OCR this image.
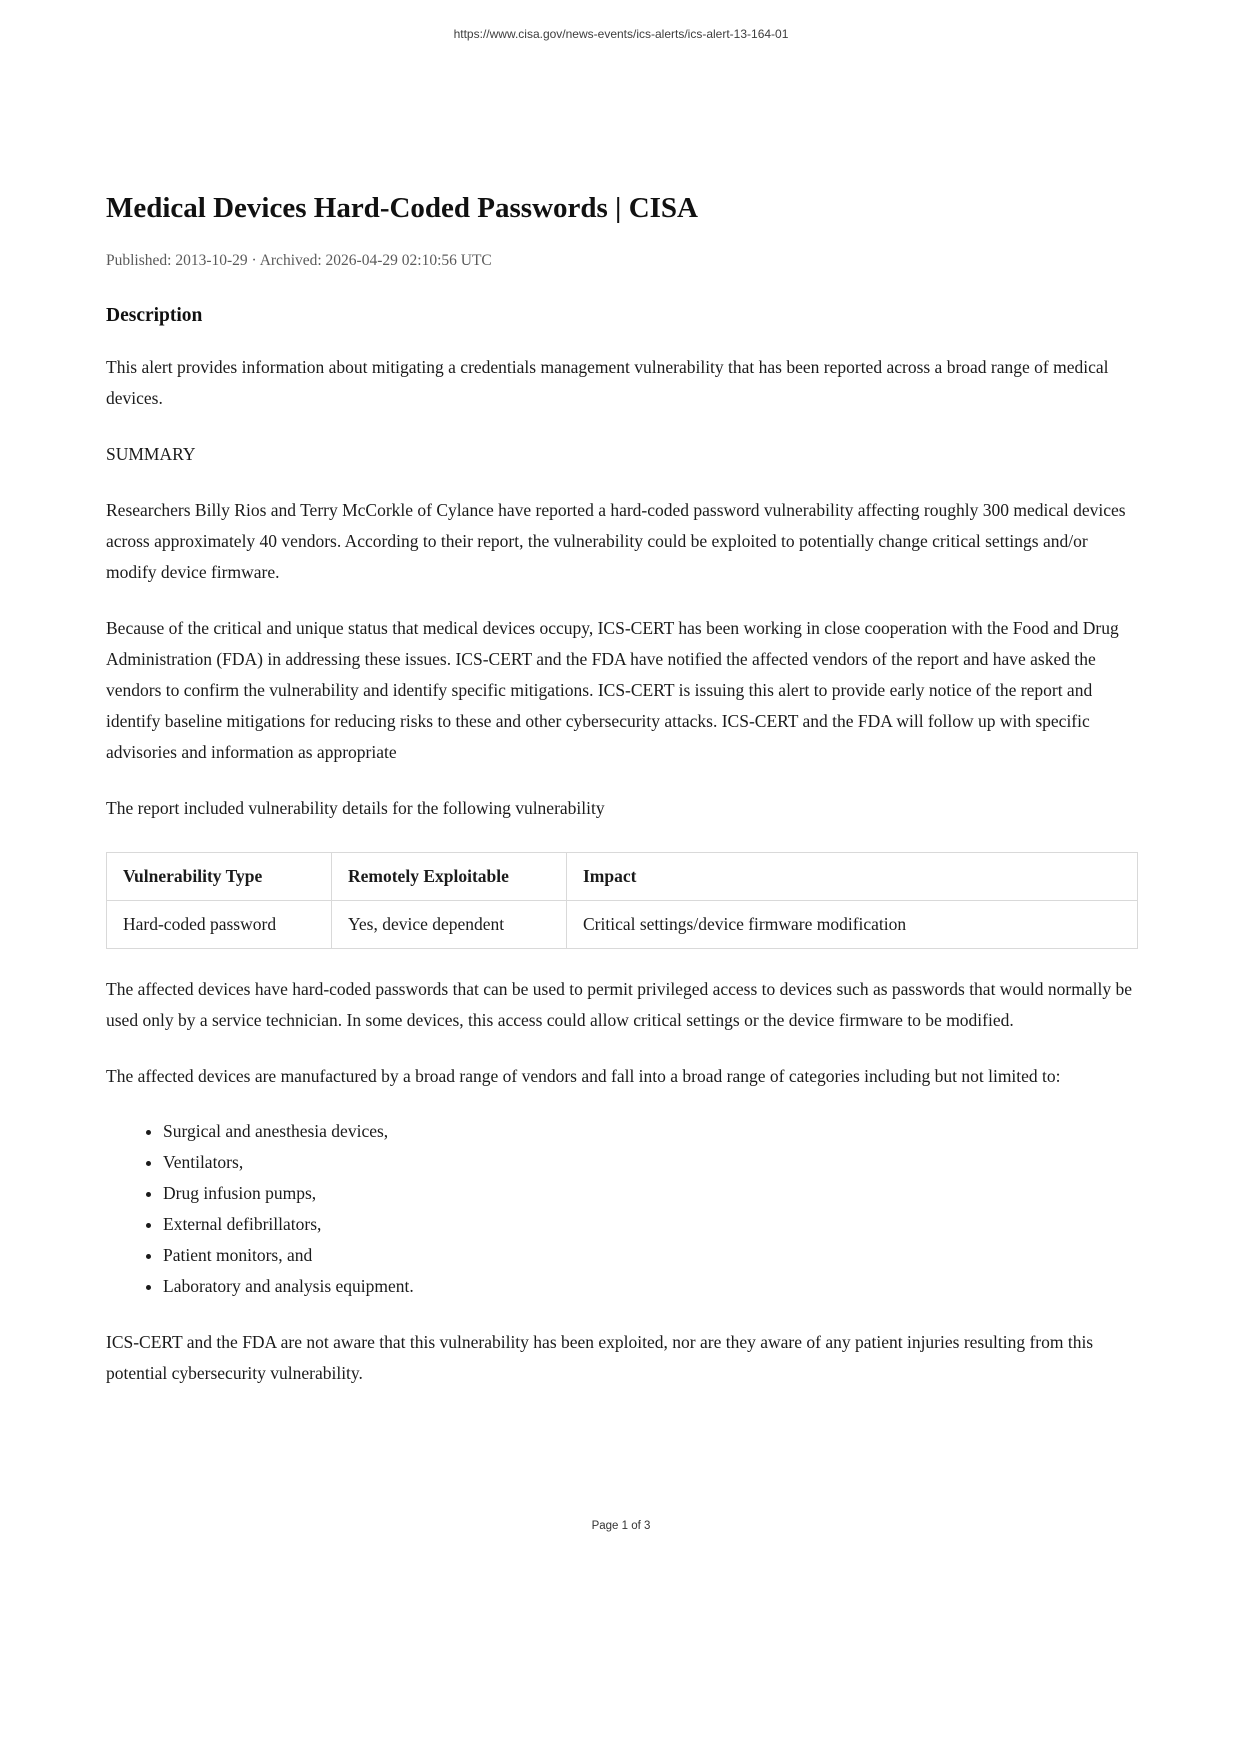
https://www.cisa.gov/news-events/ics-alerts/ics-alert-13-164-01
Medical Devices Hard-Coded Passwords | CISA
Published: 2013-10-29 · Archived: 2026-04-29 02:10:56 UTC
Description

This alert provides information about mitigating a credentials management vulnerability that has been reported across a broad range of medical devices.

SUMMARY

Researchers Billy Rios and Terry McCorkle of Cylance have reported a hard-coded password vulnerability affecting roughly 300 medical devices across approximately 40 vendors. According to their report, the vulnerability could be exploited to potentially change critical settings and/or modify device firmware.

Because of the critical and unique status that medical devices occupy, ICS-CERT has been working in close cooperation with the Food and Drug Administration (FDA) in addressing these issues. ICS-CERT and the FDA have notified the affected vendors of the report and have asked the vendors to confirm the vulnerability and identify specific mitigations. ICS-CERT is issuing this alert to provide early notice of the report and identify baseline mitigations for reducing risks to these and other cybersecurity attacks. ICS-CERT and the FDA will follow up with specific advisories and information as appropriate

The report included vulnerability details for the following vulnerability

Vulnerability Type	Remotely Exploitable	Impact
Hard-coded password	Yes, device dependent	Critical settings/device firmware modification

The affected devices have hard-coded passwords that can be used to permit privileged access to devices such as passwords that would normally be used only by a service technician. In some devices, this access could allow critical settings or the device firmware to be modified.

The affected devices are manufactured by a broad range of vendors and fall into a broad range of categories including but not limited to:

• Surgical and anesthesia devices,
• Ventilators,
• Drug infusion pumps,
• External defibrillators,
• Patient monitors, and
• Laboratory and analysis equipment.

ICS-CERT and the FDA are not aware that this vulnerability has been exploited, nor are they aware of any patient injuries resulting from this potential cybersecurity vulnerability.

Page 1 of 3
